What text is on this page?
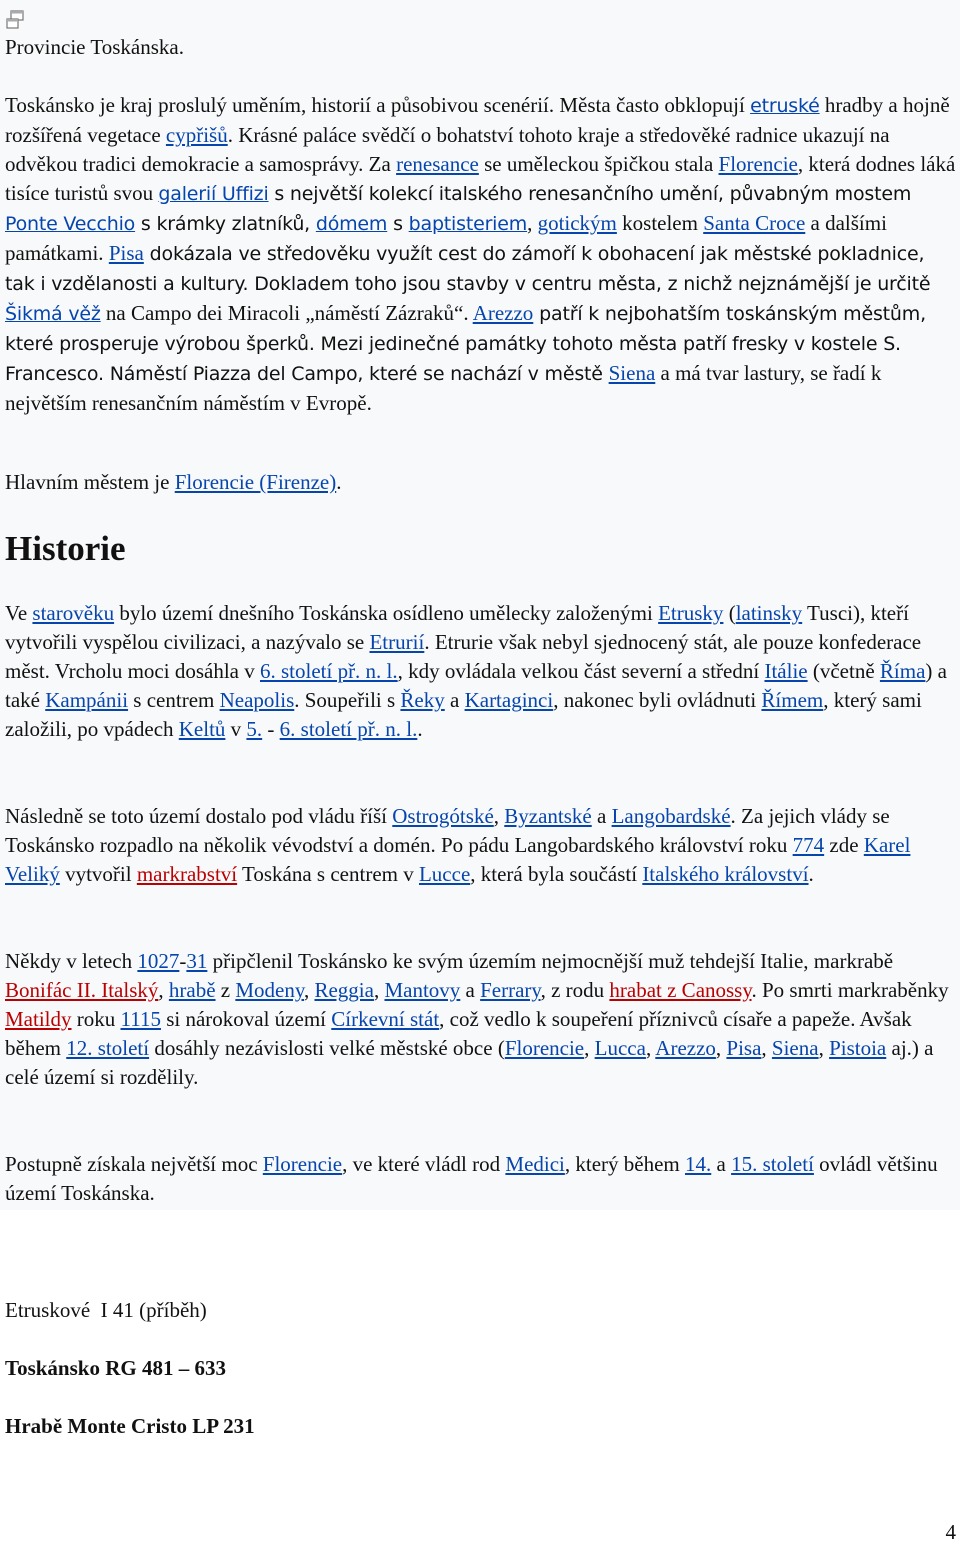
Provincie Toskánska.

Toskánsko je kraj proslulý uměním, historií a působivou scenérií. Města často obklopují etruské hradby a hojně rozšířená vegetace cypřišů. Krásné paláce svědčí o bohatství tohoto kraje a středověké radnice ukazují na odvěkou tradici demokracie a samosprávy. Za renesance se uměleckou špičkou stala Florencie, která dodnes láká tisíce turistů svou galerií Uffizi s největší kolekcí italského renesančního umění, půvabným mostem Ponte Vecchio s krámky zlatníků, dómem s baptisteriem, gotickým kostelem Santa Croce a dalšími památkami. Pisa dokázala ve středověku využít cest do zámoří k obohacení jak městské pokladnice, tak i vzdělanosti a kultury. Dokladem toho jsou stavby v centru města, z nichž nejznámější je určitě Šikmá věž na Campo dei Miracoli „náměstí Zázraků“. Arezzo patří k nejbohatším toskánským městům, které prosperuje výrobou šperků. Mezi jedinečné památky tohoto města patří fresky v kostele S. Francesco. Náměstí Piazza del Campo, které se nachází v městě Siena a má tvar lastury, se řadí k největším renesančním náměstím v Evropě.

Hlavním městem je Florencie (Firenze).

Historie

Ve starověku bylo území dnešního Toskánska osídleno umělecky založenými Etrusky (latinsky Tusci), kteří vytvořili vyspělou civilizaci, a nazývalo se Etrurií. Etrurie však nebyl sjednocený stát, ale pouze konfederace měst. Vrcholu moci dosáhla v 6. století př. n. l., kdy ovládala velkou část severní a střední Itálie (včetně Říma) a také Kampánii s centrem Neapolis. Soupeřili s Řeky a Kartaginci, nakonec byli ovládnuti Římem, který sami založili, po vpádech Keltů v 5. - 6. století př. n. l..

Následně se toto území dostalo pod vládu říší Ostrogótské, Byzantské a Langobardské. Za jejich vlády se Toskánsko rozpadlo na několik vévodství a domén. Po pádu Langobardského království roku 774 zde Karel Veliký vytvořil markrabství Toskána s centrem v Lucce, která byla součástí Italského království.

Někdy v letech 1027-31 připčlenil Toskánsko ke svým územím nejmocnější muž tehdejší Italie, markrabě Bonifác II. Italský, hrabě z Modeny, Reggia, Mantovy a Ferrary, z rodu hrabat z Canossy. Po smrti markraběnky Matildy roku 1115 si nárokoval území Církevní stát, což vedlo k soupeření příznivců císaře a papeže. Avšak během 12. století dosáhly nezávislosti velké městské obce (Florencie, Lucca, Arezzo, Pisa, Siena, Pistoia aj.) a celé území si rozdělily.

Postupně získala největší moc Florencie, ve které vládl rod Medici, který během 14. a 15. století ovládl většinu území Toskánska.

Etruskové  I 41 (příběh)

Toskánsko RG 481 – 633

Hrabě Monte Cristo LP 231

4
